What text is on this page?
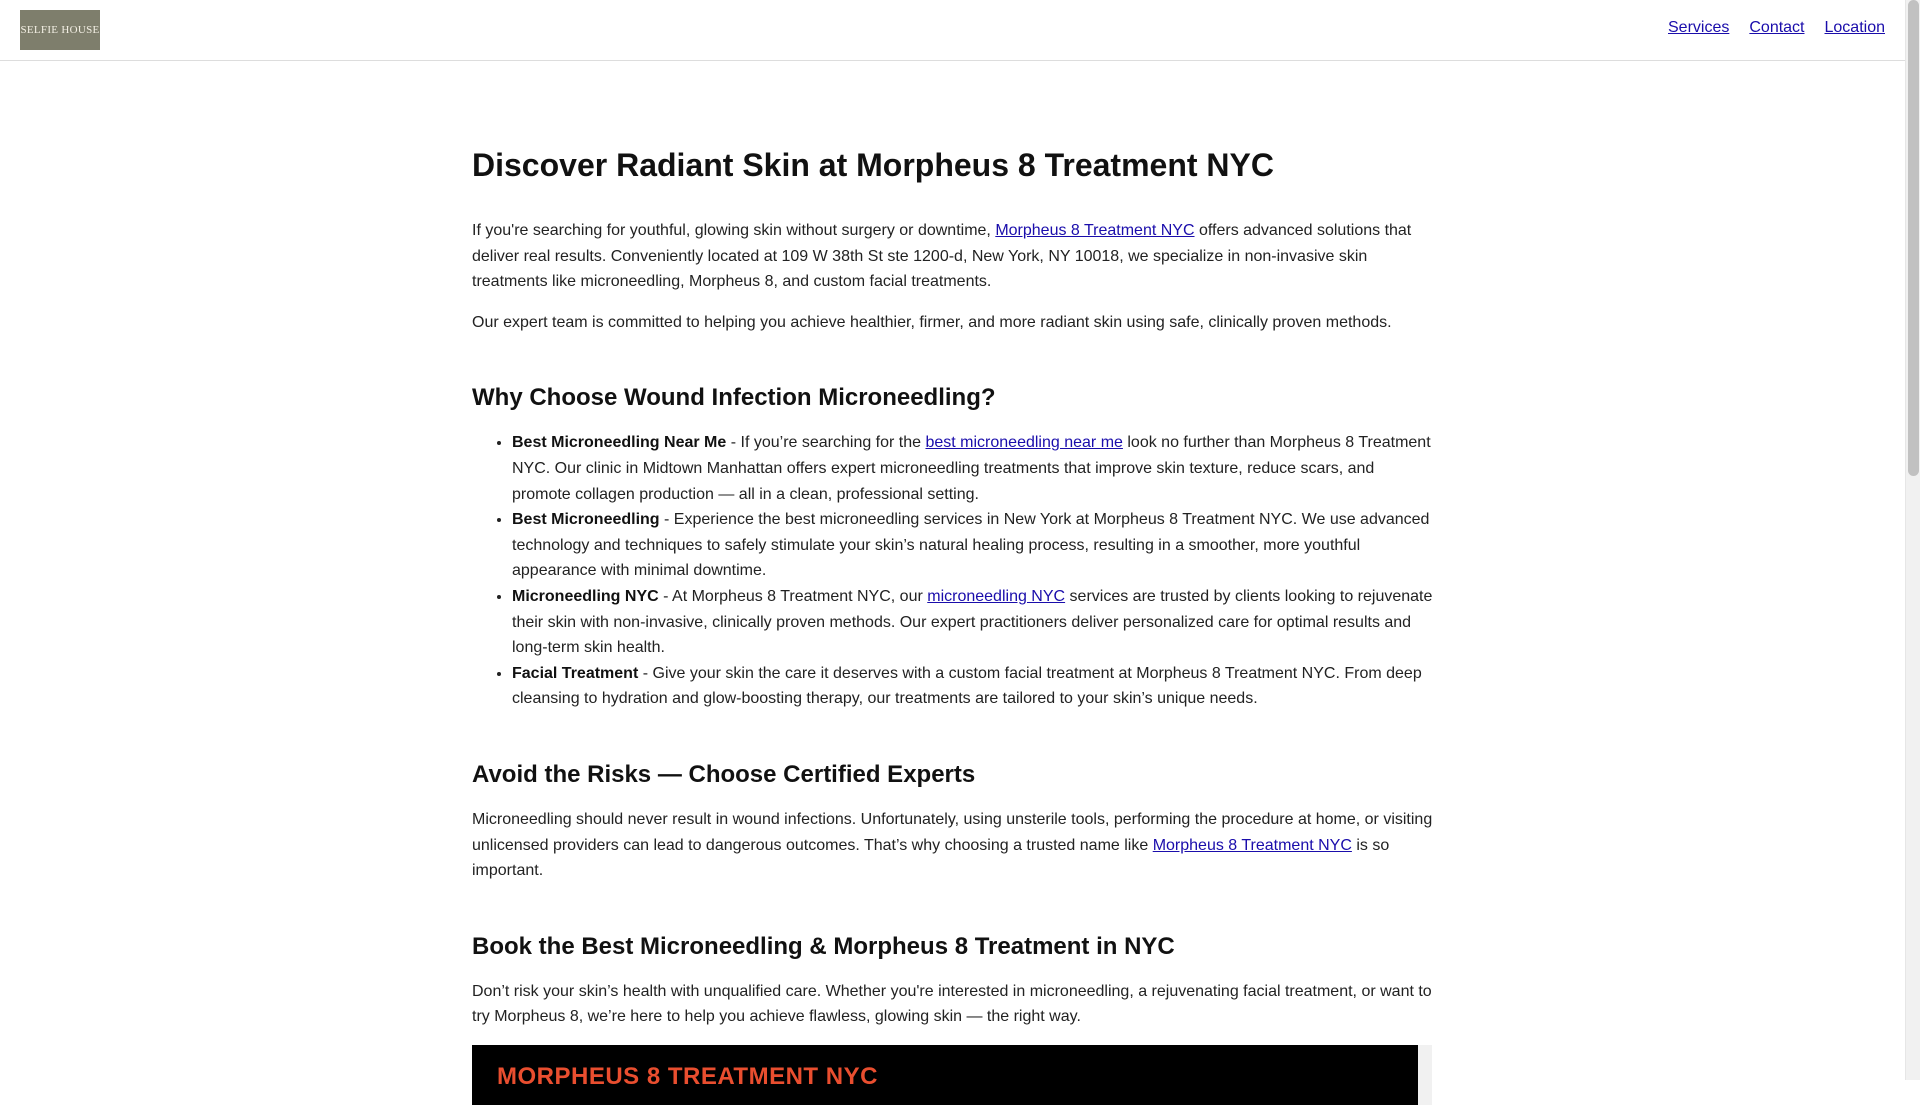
SELFIE HOUSE	Services Contact Location
Discover Radiant Skin at Morpheus 8 Treatment NYC

If you're searching for youthful, glowing skin without surgery or downtime, Morpheus 8 Treatment NYC offers advanced solutions that deliver real results. Conveniently located at 109 W 38th St ste 1200-d, New York, NY 10018, we specialize in non-invasive skin treatments like microneedling, Morpheus 8, and custom facial treatments.

Our expert team is committed to helping you achieve healthier, firmer, and more radiant skin using safe, clinically proven methods.

Why Choose Wound Infection Microneedling?
• Best Microneedling Near Me - If you’re searching for the best microneedling near me look no further than Morpheus 8 Treatment NYC. Our clinic in Midtown Manhattan offers expert microneedling treatments that improve skin texture, reduce scars, and promote collagen production — all in a clean, professional setting.
• Best Microneedling - Experience the best microneedling services in New York at Morpheus 8 Treatment NYC. We use advanced technology and techniques to safely stimulate your skin’s natural healing process, resulting in a smoother, more youthful appearance with minimal downtime.
• Microneedling NYC - At Morpheus 8 Treatment NYC, our microneedling NYC services are trusted by clients looking to rejuvenate their skin with non-invasive, clinically proven methods. Our expert practitioners deliver personalized care for optimal results and long-term skin health.
• Facial Treatment - Give your skin the care it deserves with a custom facial treatment at Morpheus 8 Treatment NYC. From deep cleansing to hydration and glow-boosting therapy, our treatments are tailored to your skin’s unique needs.
Avoid the Risks — Choose Certified Experts

Microneedling should never result in wound infections. Unfortunately, using unsterile tools, performing the procedure at home, or visiting unlicensed providers can lead to dangerous outcomes. That’s why choosing a trusted name like Morpheus 8 Treatment NYC is so important.

Book the Best Microneedling & Morpheus 8 Treatment in NYC

Don’t risk your skin’s health with unqualified care. Whether you're interested in microneedling, a rejuvenating facial treatment, or want to try Morpheus 8, we’re here to help you achieve flawless, glowing skin — the right way.

MORPHEUS 8 TREATMENT NYC
